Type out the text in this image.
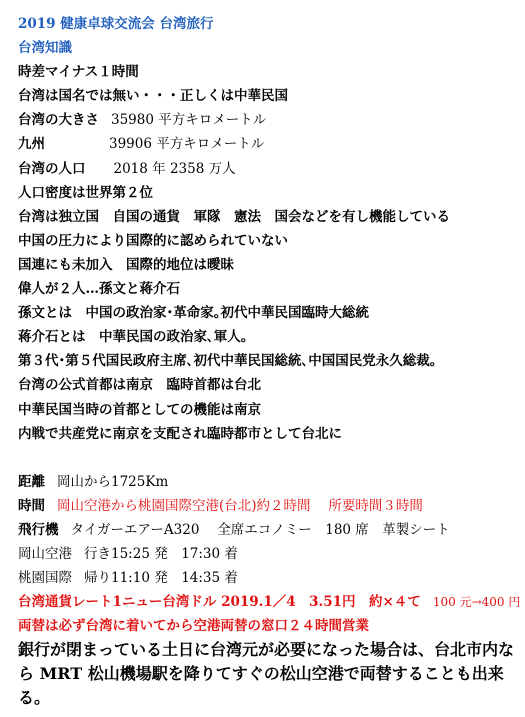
2019 健康卓球交流会 台湾旅行
台湾知識
時差マイナス１時間
台湾は国名では無い・・・正しくは中華民国
台湾の大きさ 35980 平方キロメートル
九州	39906 平方キロメートル
台湾の人口 2018 年 2358 万人
人口密度は世界第２位
台湾は独立国　自国の通貨　軍隊　憲法　国会などを有し機能している
中国の圧力により国際的に認められていない
国連にも未加入　国際的地位は曖昧
偉人が２人…孫文と蒋介石
孫文とは　中国の政治家･革命家｡初代中華民国臨時大総統
蒋介石とは　中華民国の政治家､軍人｡
第３代･第５代国民政府主席､初代中華民国総統､中国国民党永久総裁｡
台湾の公式首都は南京　臨時首都は台北
中華民国当時の首都としての機能は南京
内戦で共産党に南京を支配され臨時都市として台北に
距離 岡山から1725Km
時間 岡山空港から桃園国際空港(台北)約２時間　 所要時間３時間
飛行機 タイガーエアーA320　 全席エコノミー　180 席　革製シート
岡山空港 行き15:25 発　17:30 着
桃園国際 帰り11:10 発　14:35 着
台湾通貨レート1ニュー台湾ドル 2019.1／4　3.51円　約×４て 100 元→400 円
両替は必ず台湾に着いてから空港両替の窓口２４時間営業
銀行が閉まっている土日に台湾元が必要になった場合は、台北市内なら MRT 松山機場駅を降りてすぐの松山空港で両替することも出来る。
